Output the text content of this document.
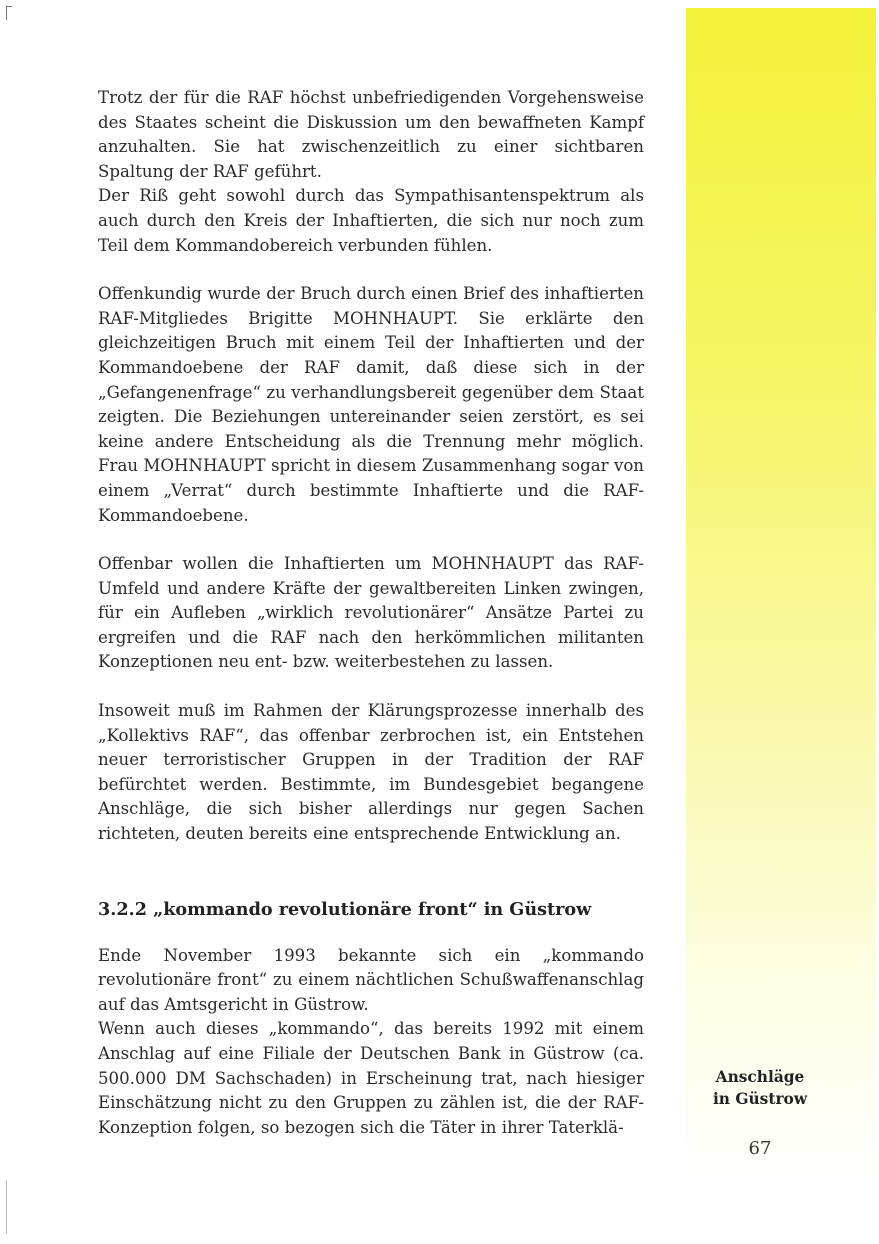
Trotz der für die RAF höchst unbefriedigenden Vorgehensweise des Staates scheint die Diskussion um den bewaffneten Kampf anzuhalten. Sie hat zwischenzeitlich zu einer sichtbaren Spaltung der RAF geführt.

Der Riß geht sowohl durch das Sympathisantenspektrum als auch durch den Kreis der Inhaftierten, die sich nur noch zum Teil dem Kommandobereich verbunden fühlen.

Offenkundig wurde der Bruch durch einen Brief des inhaftierten RAF-Mitgliedes Brigitte MOHNHAUPT. Sie erklärte den gleichzeitigen Bruch mit einem Teil der Inhaftierten und der Kommandoebene der RAF damit, daß diese sich in der „Gefangenenfrage“ zu verhandlungsbereit gegenüber dem Staat zeigten. Die Beziehungen untereinander seien zerstört, es sei keine andere Entscheidung als die Trennung mehr möglich. Frau MOHNHAUPT spricht in diesem Zusammenhang sogar von einem „Verrat“ durch bestimmte Inhaftierte und die RAF-Kommandoebene.

Offenbar wollen die Inhaftierten um MOHNHAUPT das RAF-Umfeld und andere Kräfte der gewaltbereiten Linken zwingen, für ein Aufleben „wirklich revolutionärer“ Ansätze Partei zu ergreifen und die RAF nach den herkömmlichen militanten Konzeptionen neu ent- bzw. weiterbestehen zu lassen.

Insoweit muß im Rahmen der Klärungsprozesse innerhalb des „Kollektivs RAF“, das offenbar zerbrochen ist, ein Entstehen neuer terroristischer Gruppen in der Tradition der RAF befürchtet werden. Bestimmte, im Bundesgebiet begangene Anschläge, die sich bisher allerdings nur gegen Sachen richteten, deuten bereits eine entsprechende Entwicklung an.

3.2.2 „kommando revolutionäre front“ in Güstrow

Ende November 1993 bekannte sich ein „kommando revolutionäre front“ zu einem nächtlichen Schußwaffenanschlag auf das Amtsgericht in Güstrow.

Wenn auch dieses „kommando“, das bereits 1992 mit einem Anschlag auf eine Filiale der Deutschen Bank in Güstrow (ca. 500.000 DM Sachschaden) in Erscheinung trat, nach hiesiger Einschätzung nicht zu den Gruppen zu zählen ist, die der RAF-Konzeption folgen, so bezogen sich die Täter in ihrer Taterklä-

Anschläge
in Güstrow
67
